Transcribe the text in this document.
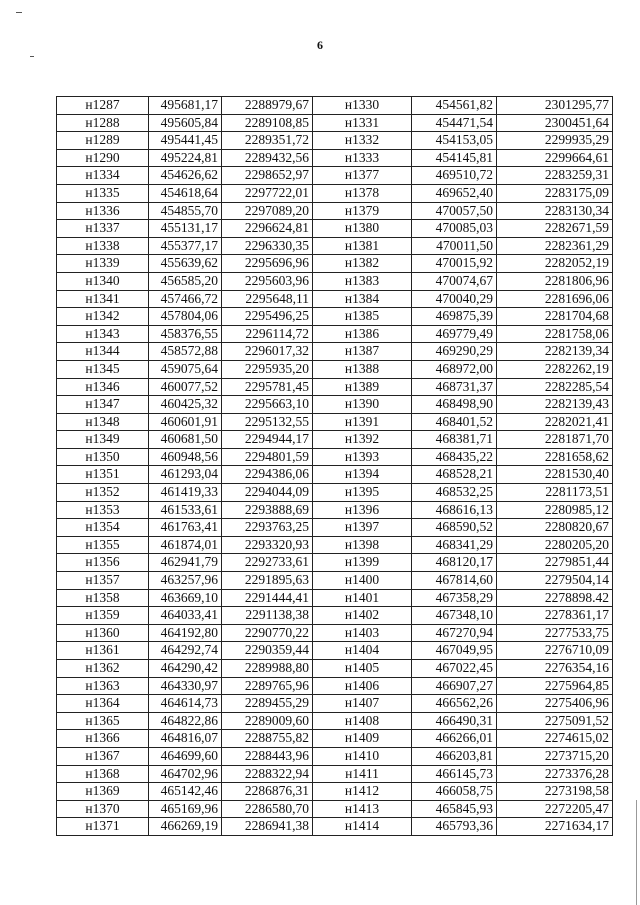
6
н1287	495681,17	2288979,67	н1330	454561,82	2301295,77
н1288	495605,84	2289108,85	н1331	454471,54	2300451,64
н1289	495441,45	2289351,72	н1332	454153,05	2299935,29
н1290	495224,81	2289432,56	н1333	454145,81	2299664,61
н1334	454626,62	2298652,97	н1377	469510,72	2283259,31
н1335	454618,64	2297722,01	н1378	469652,40	2283175,09
н1336	454855,70	2297089,20	н1379	470057,50	2283130,34
н1337	455131,17	2296624,81	н1380	470085,03	2282671,59
н1338	455377,17	2296330,35	н1381	470011,50	2282361,29
н1339	455639,62	2295696,96	н1382	470015,92	2282052,19
н1340	456585,20	2295603,96	н1383	470074,67	2281806,96
н1341	457466,72	2295648,11	н1384	470040,29	2281696,06
н1342	457804,06	2295496,25	н1385	469875,39	2281704,68
н1343	458376,55	2296114,72	н1386	469779,49	2281758,06
н1344	458572,88	2296017,32	н1387	469290,29	2282139,34
н1345	459075,64	2295935,20	н1388	468972,00	2282262,19
н1346	460077,52	2295781,45	н1389	468731,37	2282285,54
н1347	460425,32	2295663,10	н1390	468498,90	2282139,43
н1348	460601,91	2295132,55	н1391	468401,52	2282021,41
н1349	460681,50	2294944,17	н1392	468381,71	2281871,70
н1350	460948,56	2294801,59	н1393	468435,22	2281658,62
н1351	461293,04	2294386,06	н1394	468528,21	2281530,40
н1352	461419,33	2294044,09	н1395	468532,25	2281173,51
н1353	461533,61	2293888,69	н1396	468616,13	2280985,12
н1354	461763,41	2293763,25	н1397	468590,52	2280820,67
н1355	461874,01	2293320,93	н1398	468341,29	2280205,20
н1356	462941,79	2292733,61	н1399	468120,17	2279851,44
н1357	463257,96	2291895,63	н1400	467814,60	2279504,14
н1358	463669,10	2291444,41	н1401	467358,29	2278898.42
н1359	464033,41	2291138,38	н1402	467348,10	2278361,17
н1360	464192,80	2290770,22	н1403	467270,94	2277533,75
н1361	464292,74	2290359,44	н1404	467049,95	2276710,09
н1362	464290,42	2289988,80	н1405	467022,45	2276354,16
н1363	464330,97	2289765,96	н1406	466907,27	2275964,85
н1364	464614,73	2289455,29	н1407	466562,26	2275406,96
н1365	464822,86	2289009,60	н1408	466490,31	2275091,52
н1366	464816,07	2288755,82	н1409	466266,01	2274615,02
н1367	464699,60	2288443,96	н1410	466203,81	2273715,20
н1368	464702,96	2288322,94	н1411	466145,73	2273376,28
н1369	465142,46	2286876,31	н1412	466058,75	2273198,58
н1370	465169,96	2286580,70	н1413	465845,93	2272205,47
н1371	466269,19	2286941,38	н1414	465793,36	2271634,17
